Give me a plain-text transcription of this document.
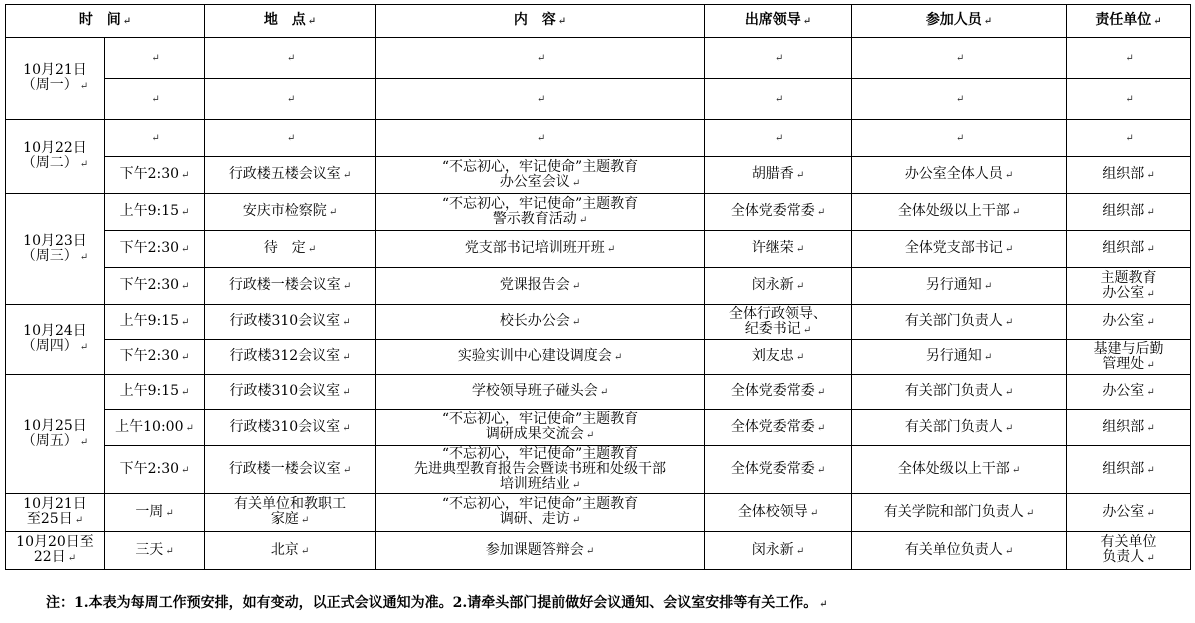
时　间 ↵		地　点 ↵	内　容 ↵	出席领导 ↵	参加人员 ↵	责任单位 ↵

10月21日
（周一） ↵	↵	↵	↵	↵	↵	↵

	↵	↵	↵	↵	↵	↵

10月22日
（周二） ↵	↵	↵	↵	↵	↵	↵

	下午2:30 ↵	行政楼五楼会议室 ↵	“不忘初心，牢记使命”主题教育
办公室会议 ↵	胡腊香 ↵	办公室全体人员 ↵	组织部 ↵

10月23日
（周三） ↵	上午9:15 ↵	安庆市检察院 ↵	“不忘初心，牢记使命”主题教育
警示教育活动 ↵	全体党委常委 ↵	全体处级以上干部 ↵	组织部 ↵

	下午2:30 ↵	待　定 ↵	党支部书记培训班开班 ↵	许继荣 ↵	全体党支部书记 ↵	组织部 ↵

	下午2:30 ↵	行政楼一楼会议室 ↵	党课报告会 ↵	闵永新 ↵	另行通知 ↵	主题教育
办公室 ↵

10月24日
（周四） ↵	上午9:15 ↵	行政楼310会议室 ↵	校长办公会 ↵	全体行政领导、
纪委书记 ↵	有关部门负责人 ↵	办公室 ↵

	下午2:30 ↵	行政楼312会议室 ↵	实验实训中心建设调度会 ↵	刘友忠 ↵	另行通知 ↵	基建与后勤
管理处 ↵

10月25日
（周五） ↵	上午9:15 ↵	行政楼310会议室 ↵	学校领导班子碰头会 ↵	全体党委常委 ↵	有关部门负责人 ↵	办公室 ↵

	上午10:00 ↵	行政楼310会议室 ↵	“不忘初心，牢记使命”主题教育
调研成果交流会 ↵	全体党委常委 ↵	有关部门负责人 ↵	组织部 ↵

	下午2:30 ↵	行政楼一楼会议室 ↵	“不忘初心，牢记使命”主题教育
先进典型教育报告会暨读书班和处级干部
培训班结业 ↵	全体党委常委 ↵	全体处级以上干部 ↵	组织部 ↵

10月21日
至25日 ↵	一周 ↵	有关单位和教职工
家庭 ↵	“不忘初心，牢记使命”主题教育
调研、走访 ↵	全体校领导 ↵	有关学院和部门负责人 ↵	办公室 ↵

10月20日至
22日 ↵	三天 ↵	北京 ↵	参加课题答辩会 ↵	闵永新 ↵	有关单位负责人 ↵	有关单位
负责人 ↵
注：1.本表为每周工作预安排，如有变动，以正式会议通知为准。2.请牵头部门提前做好会议通知、会议室安排等有关工作。 ↵
